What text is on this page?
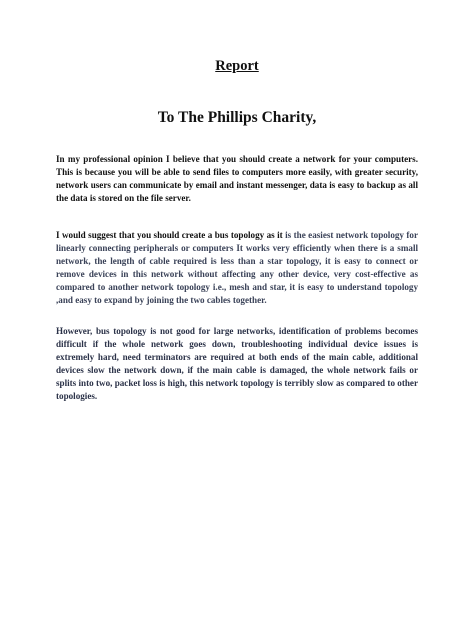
Report
To The Phillips Charity,

In my professional opinion I believe that you should create a network for your computers. This is because you will be able to send files to computers more easily, with greater security, network users can communicate by email and instant messenger, data is easy to backup as all the data is stored on the file server.

I would suggest that you should create a bus topology as it is the easiest network topology for linearly connecting peripherals or computers It works very efficiently when there is a small network, the length of cable required is less than a star topology, it is easy to connect or remove devices in this network without affecting any other device, very cost-effective as compared to another network topology i.e., mesh and star, it is easy to understand topology ,and easy to expand by joining the two cables together.

However, bus topology is not good for large networks, identification of problems becomes difficult if the whole network goes down, troubleshooting individual device issues is extremely hard, need terminators are required at both ends of the main cable, additional devices slow the network down, if the main cable is damaged, the whole network fails or splits into two, packet loss is high, this network topology is terribly slow as compared to other topologies.
